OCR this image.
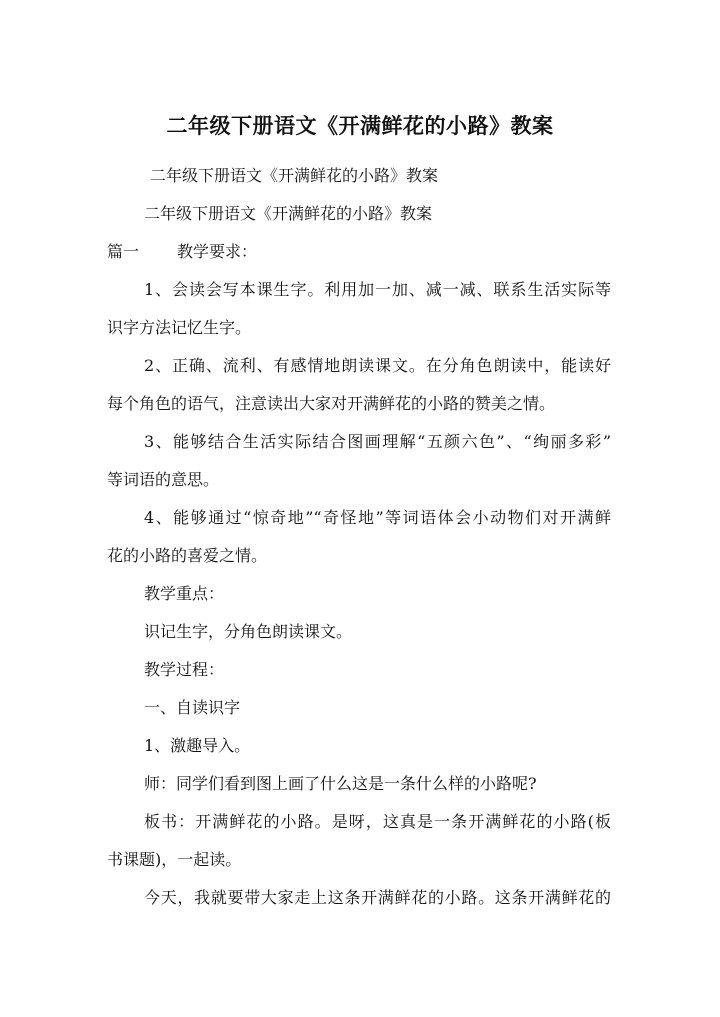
二年级下册语文《开满鲜花的小路》教案
二年级下册语文《开满鲜花的小路》教案
二年级下册语文《开满鲜花的小路》教案
篇一 教学要求：
1、会读会写本课生字。利用加一加、减一减、联系生活实际等
识字方法记忆生字。
2、正确、流利、有感情地朗读课文。在分角色朗读中，能读好
每个角色的语气，注意读出大家对开满鲜花的小路的赞美之情。
3、能够结合生活实际结合图画理解“五颜六色”、“绚丽多彩”
等词语的意思。
4、能够通过“惊奇地”“奇怪地”等词语体会小动物们对开满鲜
花的小路的喜爱之情。
教学重点：
识记生字，分角色朗读课文。
教学过程：
一、自读识字
1、激趣导入。
师：同学们看到图上画了什么这是一条什么样的小路呢?
板书：开满鲜花的小路。是呀，这真是一条开满鲜花的小路(板
书课题)，一起读。
今天，我就要带大家走上这条开满鲜花的小路。这条开满鲜花的
